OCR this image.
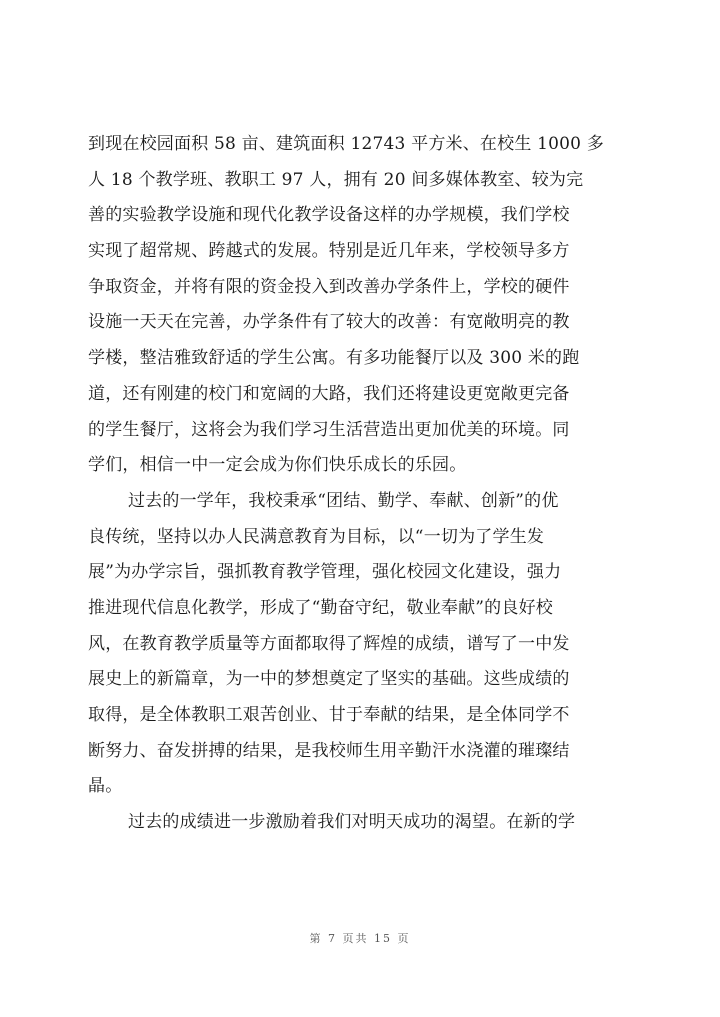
到现在校园面积 58 亩、建筑面积 12743 平方米、在校生 1000 多
人 18 个教学班、教职工 97 人，拥有 20 间多媒体教室、较为完
善的实验教学设施和现代化教学设备这样的办学规模，我们学校
实现了超常规、跨越式的发展。特别是近几年来，学校领导多方
争取资金，并将有限的资金投入到改善办学条件上，学校的硬件
设施一天天在完善，办学条件有了较大的改善：有宽敞明亮的教
学楼，整洁雅致舒适的学生公寓。有多功能餐厅以及 300 米的跑
道，还有刚建的校门和宽阔的大路，我们还将建设更宽敞更完备
的学生餐厅，这将会为我们学习生活营造出更加优美的环境。同
学们，相信一中一定会成为你们快乐成长的乐园。
过去的一学年，我校秉承“团结、勤学、奉献、创新”的优
良传统，坚持以办人民满意教育为目标，以“一切为了学生发
展”为办学宗旨，强抓教育教学管理，强化校园文化建设，强力
推进现代信息化教学，形成了“勤奋守纪，敬业奉献”的良好校
风，在教育教学质量等方面都取得了辉煌的成绩，谱写了一中发
展史上的新篇章，为一中的梦想奠定了坚实的基础。这些成绩的
取得，是全体教职工艰苦创业、甘于奉献的结果，是全体同学不
断努力、奋发拼搏的结果，是我校师生用辛勤汗水浇灌的璀璨结
晶。
过去的成绩进一步激励着我们对明天成功的渴望。在新的学
第 7 页共 15 页
